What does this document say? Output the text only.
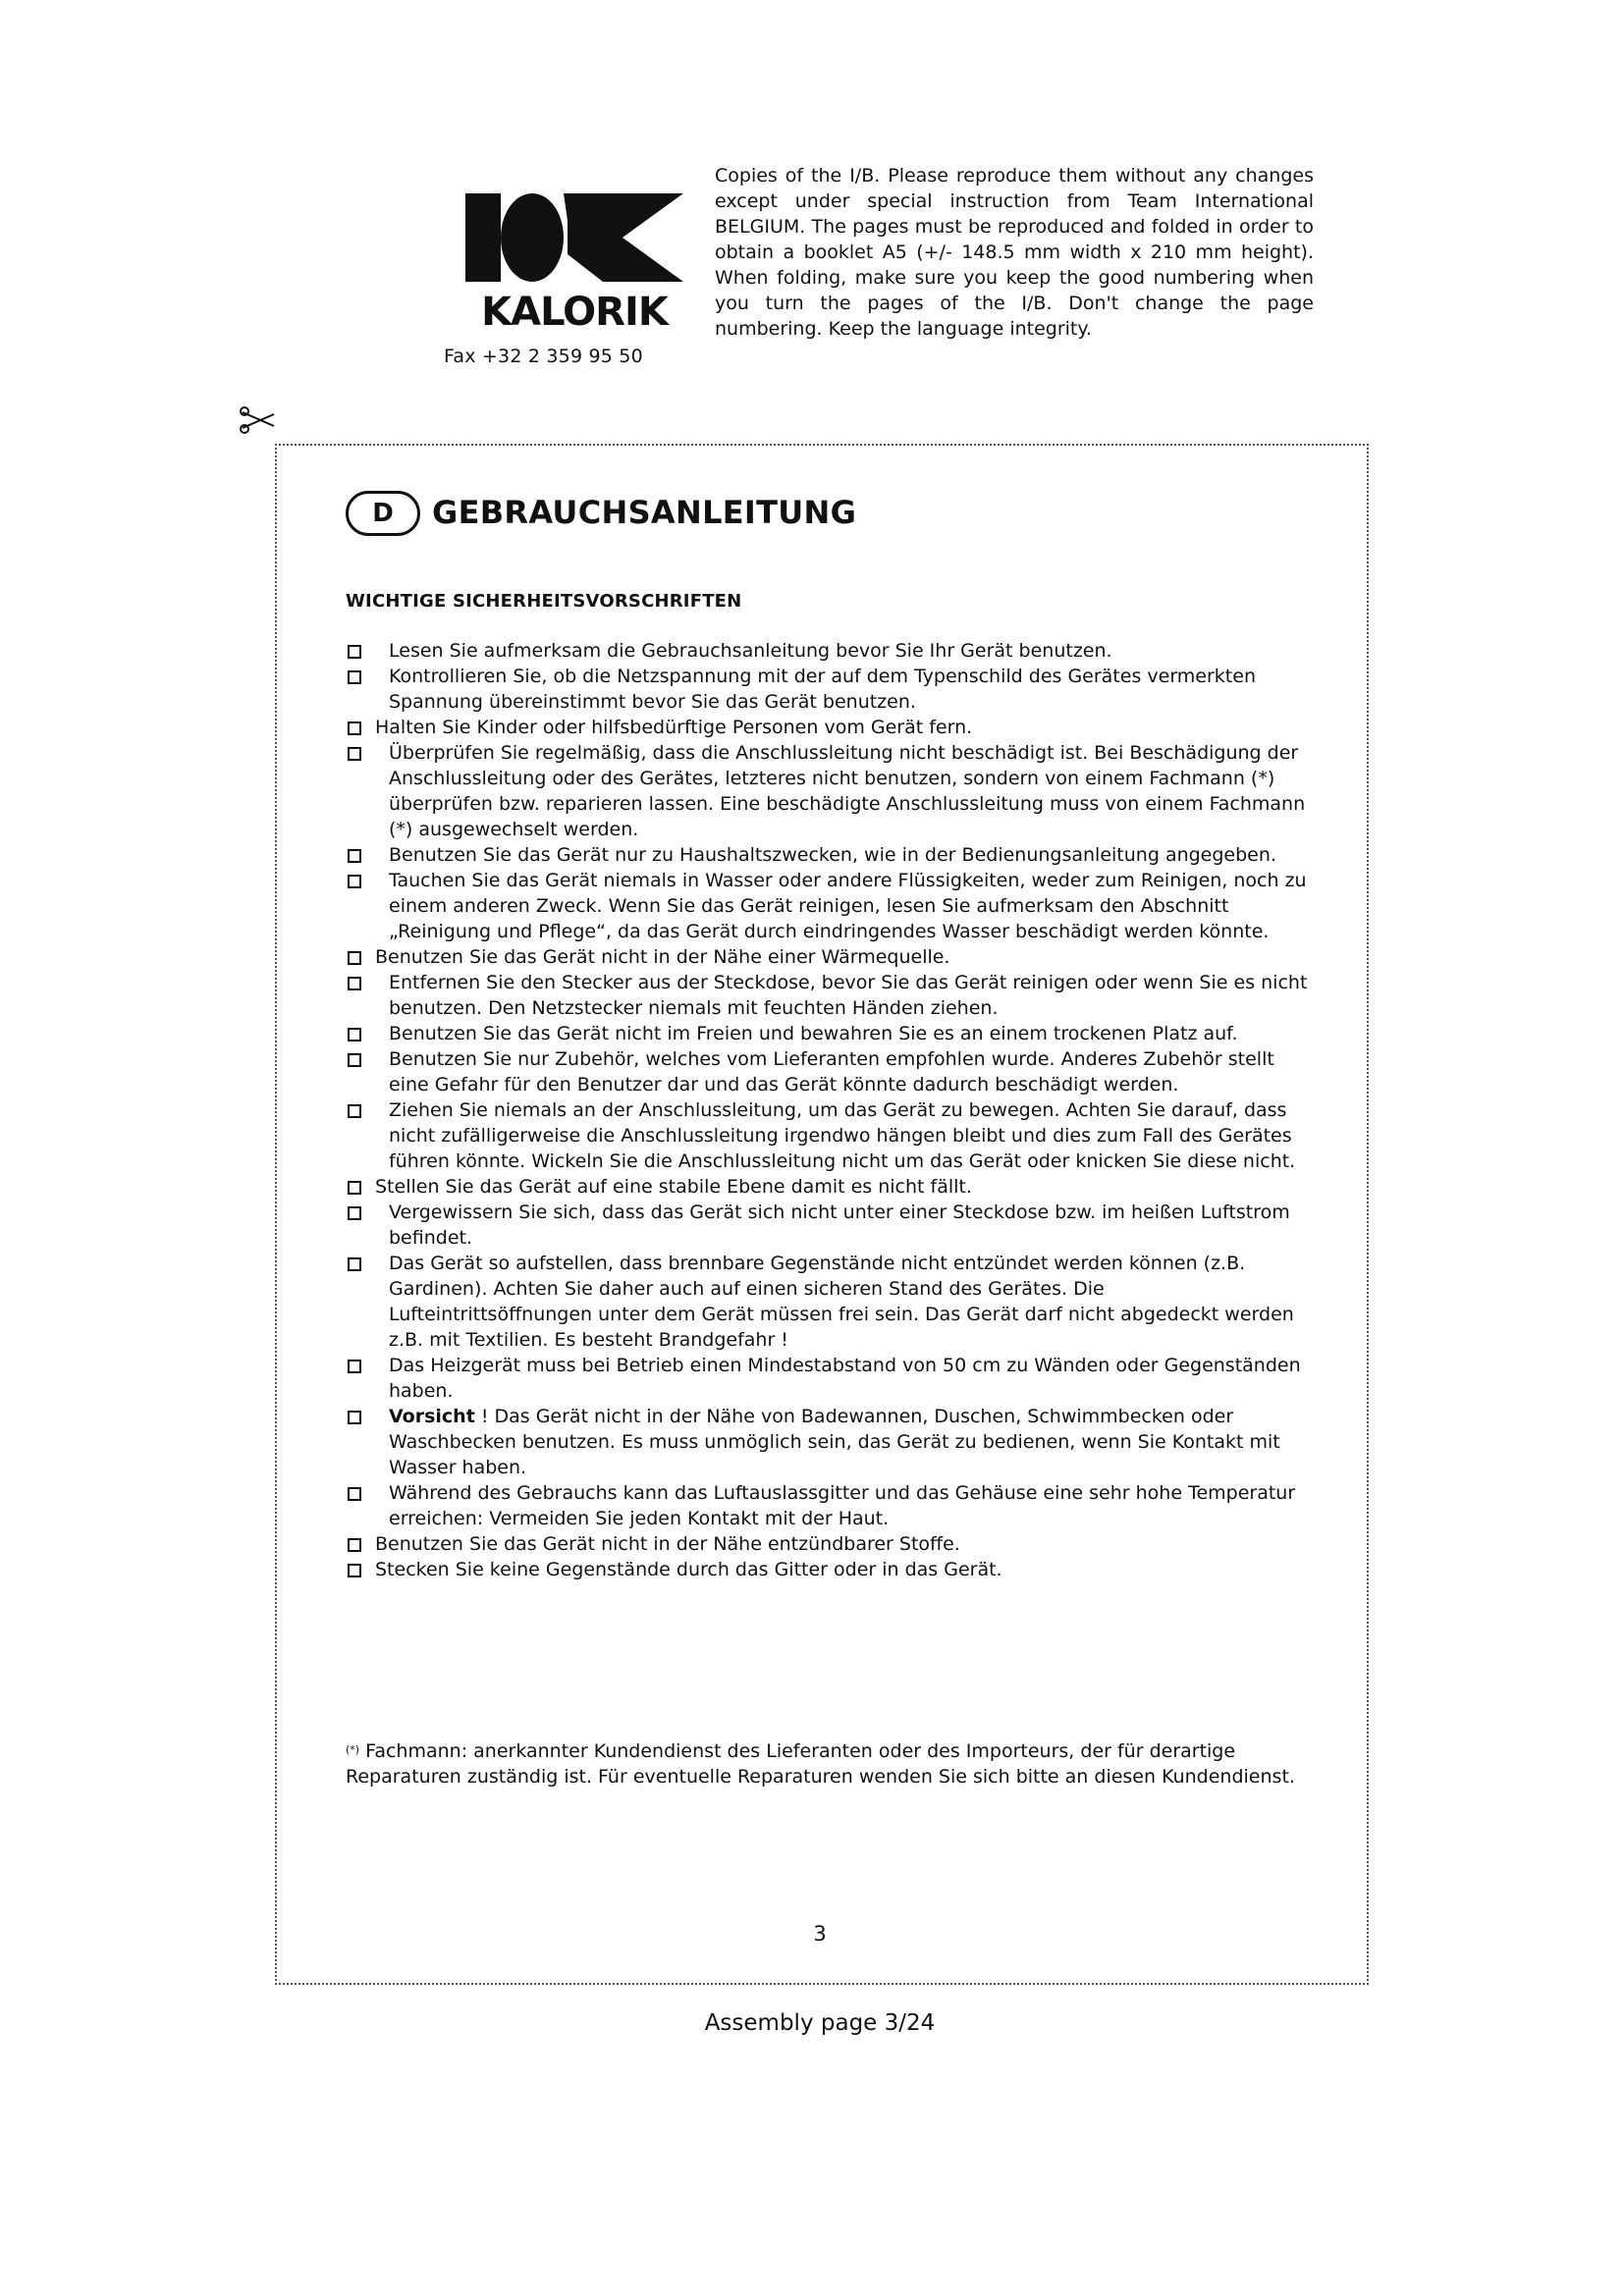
KALORIK
Fax +32 2 359 95 50
Copies of the I/B. Please reproduce them without any changes except under special instruction from Team International BELGIUM. The pages must be reproduced and folded in order to obtain a booklet A5 (+/- 148.5 mm width x 210 mm height). When folding, make sure you keep the good numbering when you turn the pages of the I/B. Don't change the page numbering. Keep the language integrity.
D	GEBRAUCHSANLEITUNG
WICHTIGE SICHERHEITSVORSCHRIFTEN
Lesen Sie aufmerksam die Gebrauchsanleitung bevor Sie Ihr Gerät benutzen.
Kontrollieren Sie, ob die Netzspannung mit der auf dem Typenschild des Gerätes vermerkten Spannung übereinstimmt bevor Sie das Gerät benutzen.
Halten Sie Kinder oder hilfsbedürftige Personen vom Gerät fern.
Überprüfen Sie regelmäßig, dass die Anschlussleitung nicht beschädigt ist. Bei Beschädigung der Anschlussleitung oder des Gerätes, letzteres nicht benutzen, sondern von einem Fachmann (*) überprüfen bzw. reparieren lassen. Eine beschädigte Anschlussleitung muss von einem Fachmann (*) ausgewechselt werden.
Benutzen Sie das Gerät nur zu Haushaltszwecken, wie in der Bedienungsanleitung angegeben.
Tauchen Sie das Gerät niemals in Wasser oder andere Flüssigkeiten, weder zum Reinigen, noch zu einem anderen Zweck. Wenn Sie das Gerät reinigen, lesen Sie aufmerksam den Abschnitt „Reinigung und Pflege“, da das Gerät durch eindringendes Wasser beschädigt werden könnte.
Benutzen Sie das Gerät nicht in der Nähe einer Wärmequelle.
Entfernen Sie den Stecker aus der Steckdose, bevor Sie das Gerät reinigen oder wenn Sie es nicht benutzen. Den Netzstecker niemals mit feuchten Händen ziehen.
Benutzen Sie das Gerät nicht im Freien und bewahren Sie es an einem trockenen Platz auf.
Benutzen Sie nur Zubehör, welches vom Lieferanten empfohlen wurde. Anderes Zubehör stellt eine Gefahr für den Benutzer dar und das Gerät könnte dadurch beschädigt werden.
Ziehen Sie niemals an der Anschlussleitung, um das Gerät zu bewegen. Achten Sie darauf, dass nicht zufälligerweise die Anschlussleitung irgendwo hängen bleibt und dies zum Fall des Gerätes führen könnte. Wickeln Sie die Anschlussleitung nicht um das Gerät oder knicken Sie diese nicht.
Stellen Sie das Gerät auf eine stabile Ebene damit es nicht fällt.
Vergewissern Sie sich, dass das Gerät sich nicht unter einer Steckdose bzw. im heißen Luftstrom befindet.
Das Gerät so aufstellen, dass brennbare Gegenstände nicht entzündet werden können (z.B. Gardinen). Achten Sie daher auch auf einen sicheren Stand des Gerätes. Die Lufteintrittsöffnungen unter dem Gerät müssen frei sein. Das Gerät darf nicht abgedeckt werden z.B. mit Textilien. Es besteht Brandgefahr !
Das Heizgerät muss bei Betrieb einen Mindestabstand von 50 cm zu Wänden oder Gegenständen haben.
Vorsicht ! Das Gerät nicht in der Nähe von Badewannen, Duschen, Schwimmbecken oder Waschbecken benutzen. Es muss unmöglich sein, das Gerät zu bedienen, wenn Sie Kontakt mit Wasser haben.
Während des Gebrauchs kann das Luftauslassgitter und das Gehäuse eine sehr hohe Temperatur erreichen: Vermeiden Sie jeden Kontakt mit der Haut.
Benutzen Sie das Gerät nicht in der Nähe entzündbarer Stoffe.
Stecken Sie keine Gegenstände durch das Gitter oder in das Gerät.
(*) Fachmann: anerkannter Kundendienst des Lieferanten oder des Importeurs, der für derartige Reparaturen zuständig ist. Für eventuelle Reparaturen wenden Sie sich bitte an diesen Kundendienst.
3
Assembly page 3/24
